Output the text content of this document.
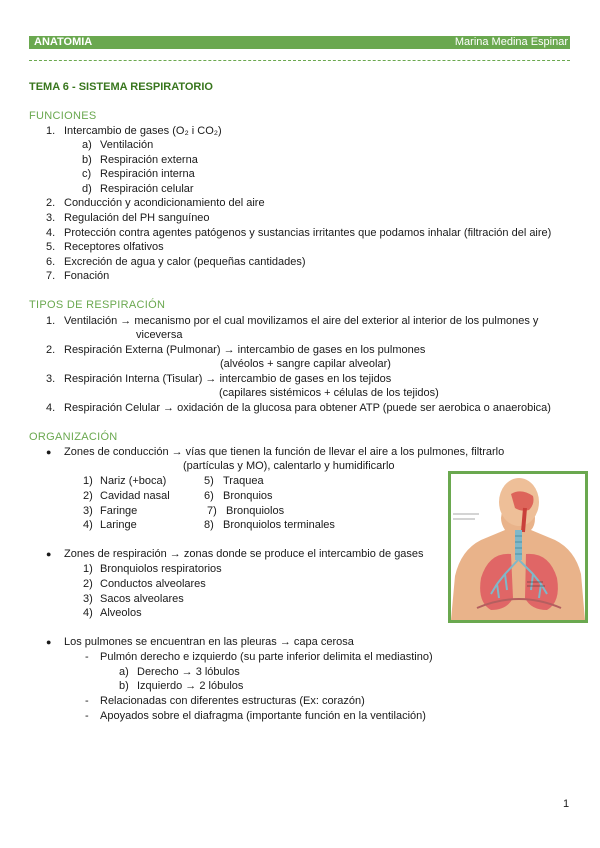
ANATOMIA	Marina Medina Espinar
TEMA 6 - SISTEMA RESPIRATORIO
FUNCIONES
1. Intercambio de gases (O₂ i CO₂)
a) Ventilación
b) Respiración externa
c) Respiración interna
d) Respiración celular
2. Conducción y acondicionamiento del aire
3. Regulación del PH sanguíneo
4. Protección contra agentes patógenos y sustancias irritantes que podamos inhalar (filtración del aire)
5. Receptores olfativos
6. Excreción de agua y calor (pequeñas cantidades)
7. Fonación
TIPOS DE RESPIRACIÓN
1. Ventilación → mecanismo por el cual movilizamos el aire del exterior al interior de los pulmones y
viceversa
2. Respiración Externa (Pulmonar) → intercambio de gases en los pulmones
(alvéolos + sangre capilar alveolar)
3. Respiración Interna (Tisular) → intercambio de gases en los tejidos
(capilares sistémicos + células de los tejidos)
4. Respiración Celular → oxidación de la glucosa para obtener ATP (puede ser aerobica o anaerobica)
ORGANIZACIÓN
● Zones de conducción → vías que tienen la función de llevar el aire a los pulmones, filtrarlo
(partículas y MO), calentarlo y humidificarlo
1) Nariz (+boca)
2) Cavidad nasal
3) Faringe
4) Laringe
5) Traquea
6) Bronquios
7) Bronquiolos
8) Bronquiolos terminales
● Zones de respiración → zonas donde se produce el intercambio de gases
1) Bronquiolos respiratorios
2) Conductos alveolares
3) Sacos alveolares
4) Alveolos
● Los pulmones se encuentran en las pleuras → capa cerosa
- Pulmón derecho e izquierdo (su parte inferior delimita el mediastino)
a) Derecho → 3 lóbulos
b) Izquierdo → 2 lóbulos
- Relacionadas con diferentes estructuras (Ex: corazón)
- Apoyados sobre el diafragma (importante función en la ventilación)
1
